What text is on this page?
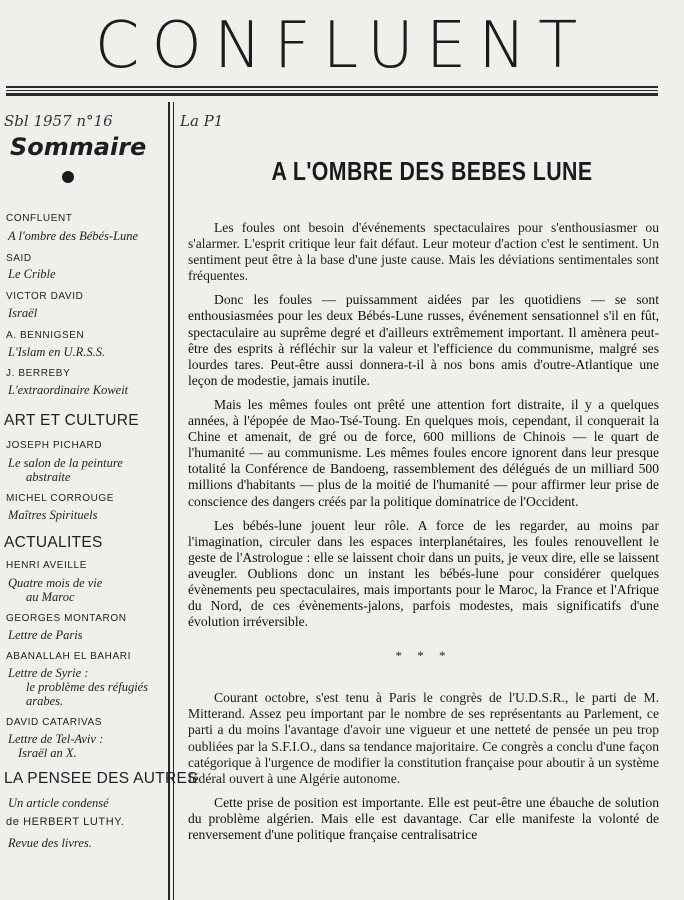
CONFLUENT
Sbl 1957 n°16	La P1
Sommaire
CONFLUENT
A l'ombre des Bébés-Lune
SAID
Le Crible
VICTOR DAVID
Israël
A. BENNIGSEN
L'Islam en U.R.S.S.
J. BERREBY
L'extraordinaire Koweit
ART ET CULTURE
JOSEPH PICHARD
Le salon de la peinture
abstraite
MICHEL CORROUGE
Maîtres Spirituels
ACTUALITES
HENRI AVEILLE
Quatre mois de vie
au Maroc
GEORGES MONTARON
Lettre de Paris
ABANALLAH EL BAHARI
Lettre de Syrie :
le problème des réfugiés
arabes.
DAVID CATARIVAS
Lettre de Tel-Aviv :
Israël an X.
LA PENSEE DES AUTRES
Un article condensé
de HERBERT LUTHY.
Revue des livres.
A L'OMBRE DES BEBES LUNE

Les foules ont besoin d'événements spectaculaires pour s'enthousiasmer ou s'alarmer. L'esprit critique leur fait défaut. Leur moteur d'action c'est le sentiment. Un sentiment peut être à la base d'une juste cause. Mais les déviations sentimentales sont fréquentes.

Donc les foules — puissamment aidées par les quotidiens — se sont enthousiasmées pour les deux Bébés-Lune russes, événement sensationnel s'il en fût, spectaculaire au suprême degré et d'ailleurs extrêmement important. Il amènera peut-être des esprits à réfléchir sur la valeur et l'efficience du communisme, malgré ses lourdes tares. Peut-être aussi donnera-t-il à nos bons amis d'outre-Atlantique une leçon de modestie, jamais inutile.

Mais les mêmes foules ont prêté une attention fort distraite, il y a quelques années, à l'épopée de Mao-Tsé-Toung. En quelques mois, cependant, il conquerait la Chine et amenait, de gré ou de force, 600 millions de Chinois — le quart de l'humanité — au communisme. Les mêmes foules encore ignorent dans leur presque totalité la Conférence de Bandoeng, rassemblement des délégués de un milliard 500 millions d'habitants — plus de la moitié de l'humanité — pour affirmer leur prise de conscience des dangers créés par la politique dominatrice de l'Occident.

Les bébés-lune jouent leur rôle. A force de les regarder, au moins par l'imagination, circuler dans les espaces interplanétaires, les foules renouvellent le geste de l'Astrologue : elle se laissent choir dans un puits, je veux dire, elle se laissent aveugler. Oublions donc un instant les bébés-lune pour considérer quelques évènements peu spectaculaires, mais importants pour le Maroc, la France et l'Afrique du Nord, de ces évènements-jalons, parfois modestes, mais significatifs d'une évolution irréversible.

* * *

Courant octobre, s'est tenu à Paris le congrès de l'U.D.S.R., le parti de M. Mitterand. Assez peu important par le nombre de ses représentants au Parlement, ce parti a du moins l'avantage d'avoir une vigueur et une netteté de pensée un peu trop oubliées par la S.F.I.O., dans sa tendance majoritaire. Ce congrès a conclu d'une façon catégorique à l'urgence de modifier la constitution française pour aboutir à un système fédéral ouvert à une Algérie autonome.

Cette prise de position est importante. Elle est peut-être une ébauche de solution du problème algérien. Mais elle est davantage. Car elle manifeste la volonté de renversement d'une politique française centralisatrice
